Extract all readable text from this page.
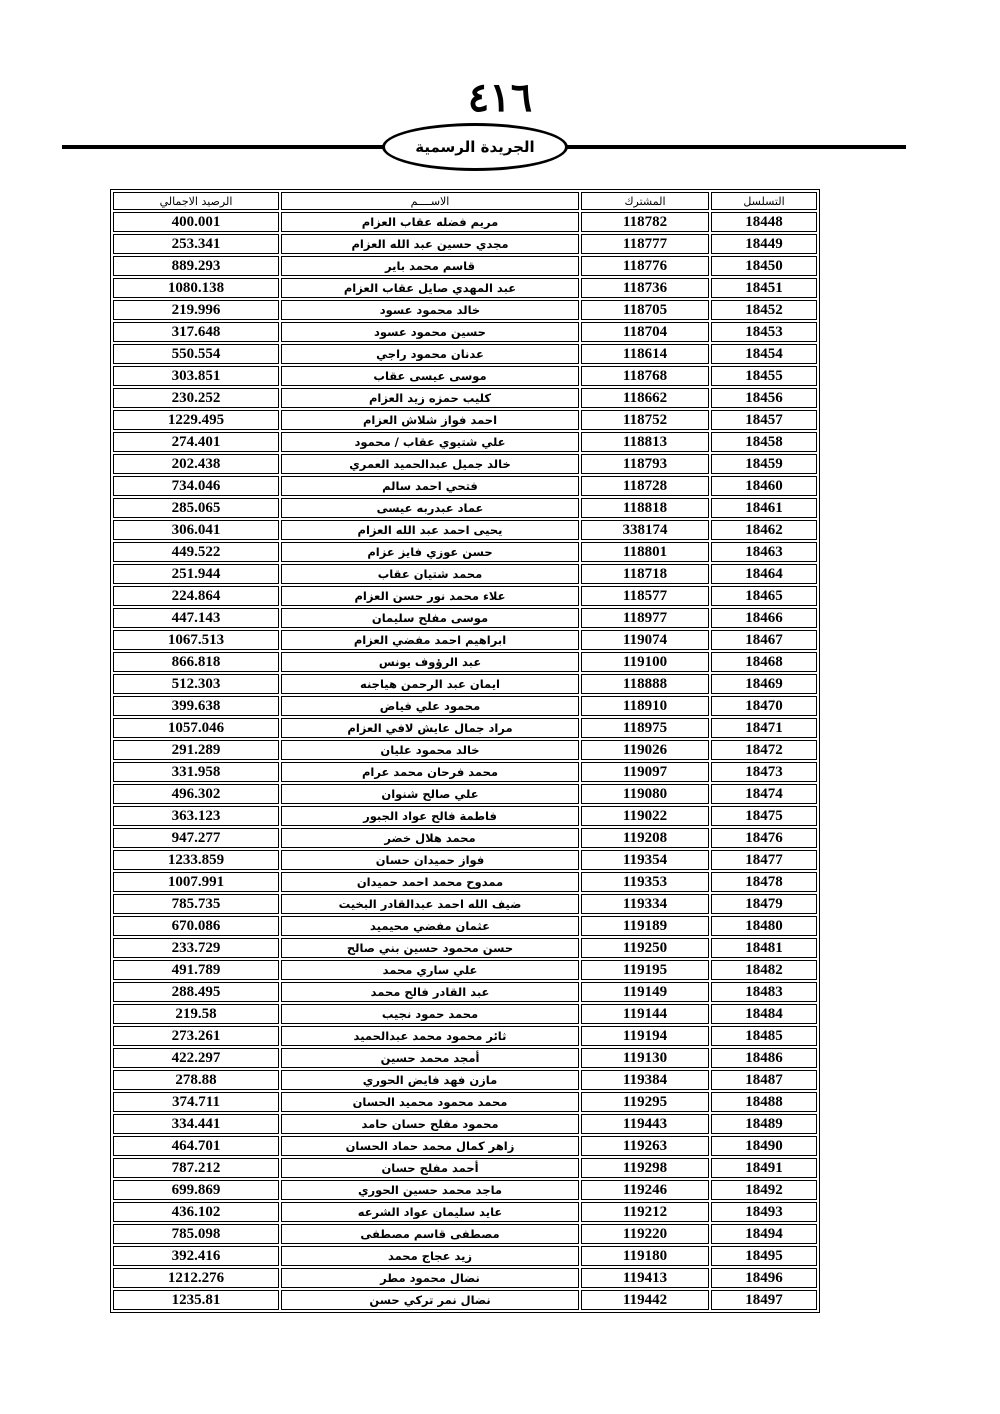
٤١٦
الجريدة الرسمية
التسلسل	المشترك	الاســــم	الرصيد الاجمالي
18448	118782	مريم فضله عقاب العزام	400.001
18449	118777	مجدي حسين عبد الله العزام	253.341
18450	118776	قاسم محمد باير	889.293
18451	118736	عبد المهدي صايل عقاب العزام	1080.138
18452	118705	خالد محمود عسود	219.996
18453	118704	حسين محمود عسود	317.648
18454	118614	عدنان محمود راجي	550.554
18455	118768	موسى عيسى عقاب	303.851
18456	118662	كليب حمزه زيد العزام	230.252
18457	118752	احمد فواز شلاش العزام	1229.495
18458	118813	علي شتيوي عقاب / محمود	274.401
18459	118793	خالد جميل عبدالحميد العمري	202.438
18460	118728	فتحي احمد سالم	734.046
18461	118818	عماد عبدربه عيسى	285.065
18462	338174	يحيى احمد عبد الله العزام	306.041
18463	118801	حسن عوزي فايز عزام	449.522
18464	118718	محمد شتيان عقاب	251.944
18465	118577	علاء محمد نور حسن العزام	224.864
18466	118977	موسى مفلح سليمان	447.143
18467	119074	ابراهيم احمد مفضي العزام	1067.513
18468	119100	عبد الرؤوف يونس	866.818
18469	118888	ايمان عبد الرحمن هياجنه	512.303
18470	118910	محمود علي فياض	399.638
18471	118975	مراد جمال عايش لافي العزام	1057.046
18472	119026	خالد محمود عليان	291.289
18473	119097	محمد فرحان محمد عرام	331.958
18474	119080	علي صالح شنوان	496.302
18475	119022	فاطمة فالح عواد الجبور	363.123
18476	119208	محمد هلال خضر	947.277
18477	119354	فواز حميدان حسان	1233.859
18478	119353	ممدوح محمد احمد حميدان	1007.991
18479	119334	ضيف الله احمد عبدالقادر البخيت	785.735
18480	119189	عثمان مفضي محيميد	670.086
18481	119250	حسن محمود حسين بني صالح	233.729
18482	119195	علي ساري محمد	491.789
18483	119149	عبد القادر فالح محمد	288.495
18484	119144	محمد حمود نجيب	219.58
18485	119194	ثائر محمود محمد عبدالحميد	273.261
18486	119130	أمجد محمد حسين	422.297
18487	119384	مازن فهد فايض الحوري	278.88
18488	119295	محمد محمود محميد الحسان	374.711
18489	119443	محمود مفلح حسان حامد	334.441
18490	119263	زاهر كمال محمد حماد الحسان	464.701
18491	119298	أحمد مفلح حسان	787.212
18492	119246	ماجد محمد حسين الحوري	699.869
18493	119212	عايد سليمان عواد الشرعه	436.102
18494	119220	مصطفى قاسم مصطفى	785.098
18495	119180	زيد عجاج محمد	392.416
18496	119413	نضال محمود مطر	1212.276
18497	119442	نضال نمر تركي حسن	1235.81
